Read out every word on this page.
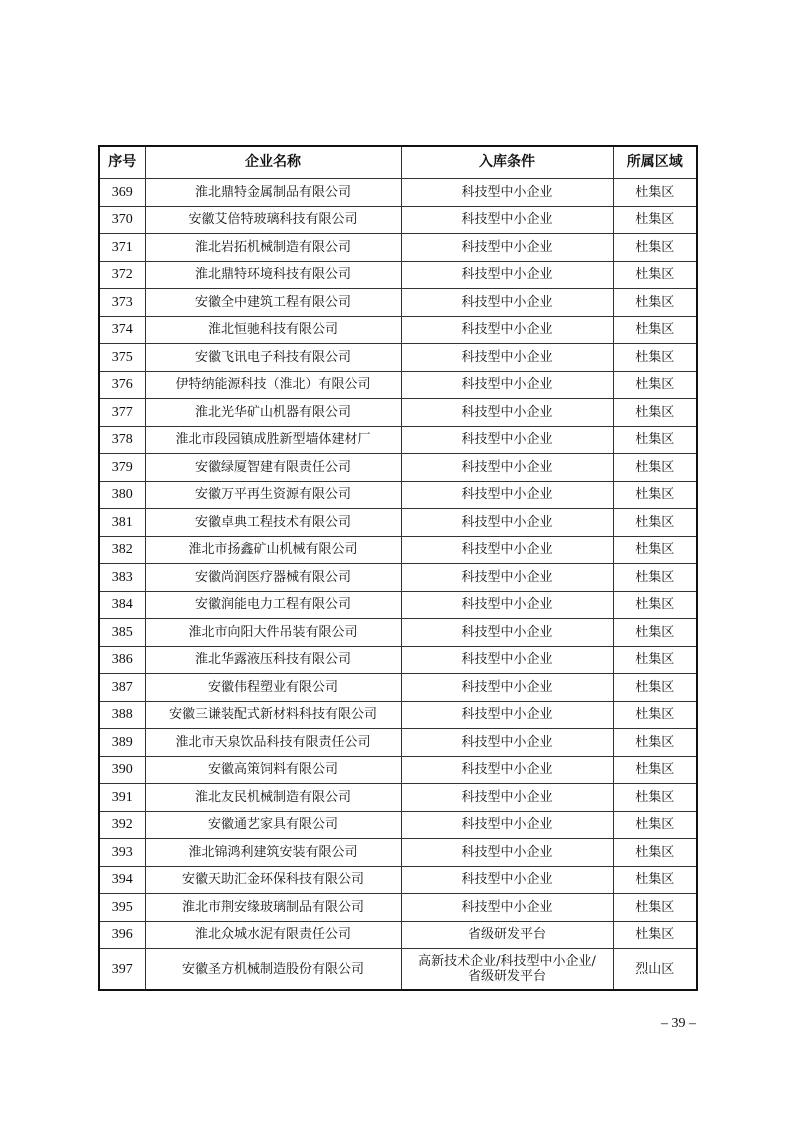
序号	企业名称	入库条件	所属区域
369	淮北鼎特金属制品有限公司	科技型中小企业	杜集区
370	安徽艾倍特玻璃科技有限公司	科技型中小企业	杜集区
371	淮北岩拓机械制造有限公司	科技型中小企业	杜集区
372	淮北鼎特环境科技有限公司	科技型中小企业	杜集区
373	安徽全中建筑工程有限公司	科技型中小企业	杜集区
374	淮北恒驰科技有限公司	科技型中小企业	杜集区
375	安徽飞讯电子科技有限公司	科技型中小企业	杜集区
376	伊特纳能源科技（淮北）有限公司	科技型中小企业	杜集区
377	淮北光华矿山机器有限公司	科技型中小企业	杜集区
378	淮北市段园镇成胜新型墙体建材厂	科技型中小企业	杜集区
379	安徽绿厦智建有限责任公司	科技型中小企业	杜集区
380	安徽万平再生资源有限公司	科技型中小企业	杜集区
381	安徽卓典工程技术有限公司	科技型中小企业	杜集区
382	淮北市扬鑫矿山机械有限公司	科技型中小企业	杜集区
383	安徽尚润医疗器械有限公司	科技型中小企业	杜集区
384	安徽润能电力工程有限公司	科技型中小企业	杜集区
385	淮北市向阳大件吊装有限公司	科技型中小企业	杜集区
386	淮北华露液压科技有限公司	科技型中小企业	杜集区
387	安徽伟程塑业有限公司	科技型中小企业	杜集区
388	安徽三谦装配式新材料科技有限公司	科技型中小企业	杜集区
389	淮北市天泉饮品科技有限责任公司	科技型中小企业	杜集区
390	安徽高策饲料有限公司	科技型中小企业	杜集区
391	淮北友民机械制造有限公司	科技型中小企业	杜集区
392	安徽通艺家具有限公司	科技型中小企业	杜集区
393	淮北锦鸿利建筑安装有限公司	科技型中小企业	杜集区
394	安徽天助汇金环保科技有限公司	科技型中小企业	杜集区
395	淮北市荆安缘玻璃制品有限公司	科技型中小企业	杜集区
396	淮北众城水泥有限责任公司	省级研发平台	杜集区
397	安徽圣方机械制造股份有限公司	高新技术企业/科技型中小企业/
省级研发平台	烈山区
– 39 –
